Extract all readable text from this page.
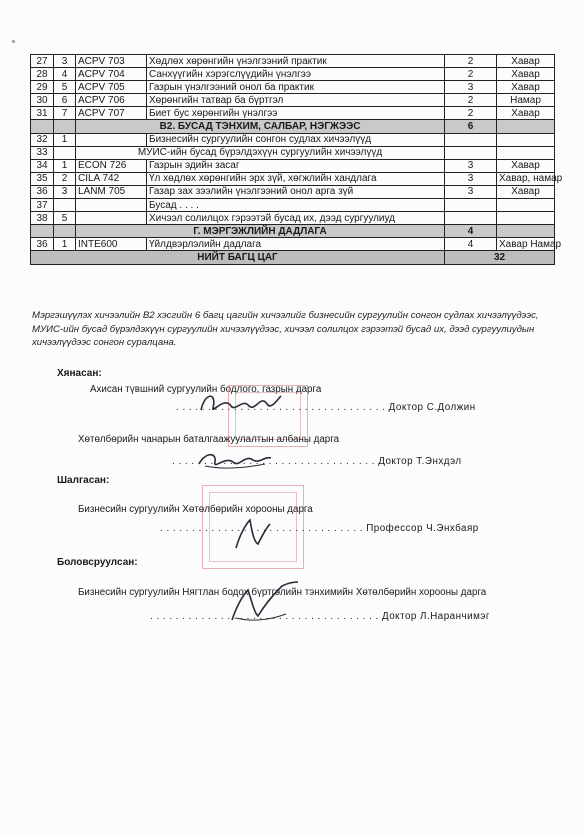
27	3	ACPV 703	Хөдлөх хөрөнгийн үнэлгээний практик	2	Хавар
28	4	ACPV 704	Санхүүгийн хэрэгслүүдийн үнэлгээ	2	Хавар
29	5	ACPV 705	Газрын үнэлгээний онол ба практик	3	Хавар
30	6	ACPV 706	Хөрөнгийн татвар ба бүртгэл	2	Намар
31	7	ACPV 707	Биет бус хөрөнгийн үнэлгээ	2	Хавар
		В2. БУСАД ТЭНХИМ, САЛБАР, НЭГЖЭЭС		6	
32	1		Бизнесийн сургуулийн сонгон судлах хичээлүүд		
33		МУИС-ийн бусад бүрэлдэхүүн сургуулийн хичээлүүд			
34	1	ECON 726	Газрын эдийн засаг	3	Хавар
35	2	CILA 742	Үл хөдлөх хөрөнгийн эрх зүй, хөгжлийн хандлага	3	Хавар, намар
36	3	LANM 705	Газар зах зээлийн үнэлгээний онол арга зүй	3	Хавар
37			Бусад . . . .		
38	5		Хичээл солилцох гэрээтэй бусад их, дээд сургуулиуд		
		Г. МЭРГЭЖЛИЙН ДАДЛАГА		4	
36	1	INTE600	Үйлдвэрлэлийн дадлага	4	Хавар Намар
НИЙТ БАГЦ ЦАГ				32	
Мэргэшүүлэх хичээлийн В2 хэсгийн 6 багц цагийн хичээлийг бизнесийн сургуулийн сонгон судлах хичээлүүдээс, МУИС-ийн бусад бүрэлдэхүүн сургуулийн хичээлүүдээс, хичээл солилцох гэрээтэй бусад их, дээд сургуулиудын хичээлүүдээс сонгон суралцана.
Хянасан:
Ахисан түвшний сургуулийн бодлого, газрын дарга
. . . . . . . . . . . . . . . . . . . . . . . . . . . . . . . . . Доктор С.Должин
Хөтөлбөрийн чанарын баталгаажуулалтын албаны дарга
. . . . . . . . . . . . . . . . . . . . . . . . . . . . . . . . Доктор Т.Энхдэл
Шалгасан:
Бизнесийн сургуулийн Хөтөлбөрийн хорооны дарга
. . . . . . . . . . . . . . . . . . . . . . . . . . . . . . . . Профессор Ч.Энхбаяр
Боловсруулсан:
Бизнесийн сургуулийн Нягтлан бодох бүртгэлийн тэнхимийн Хөтөлбөрийн хорооны дарга
. . . . . . . . . . . . . . . . . . . . . . . . . . . . . . . . . . . . Доктор Л.Наранчимэг
